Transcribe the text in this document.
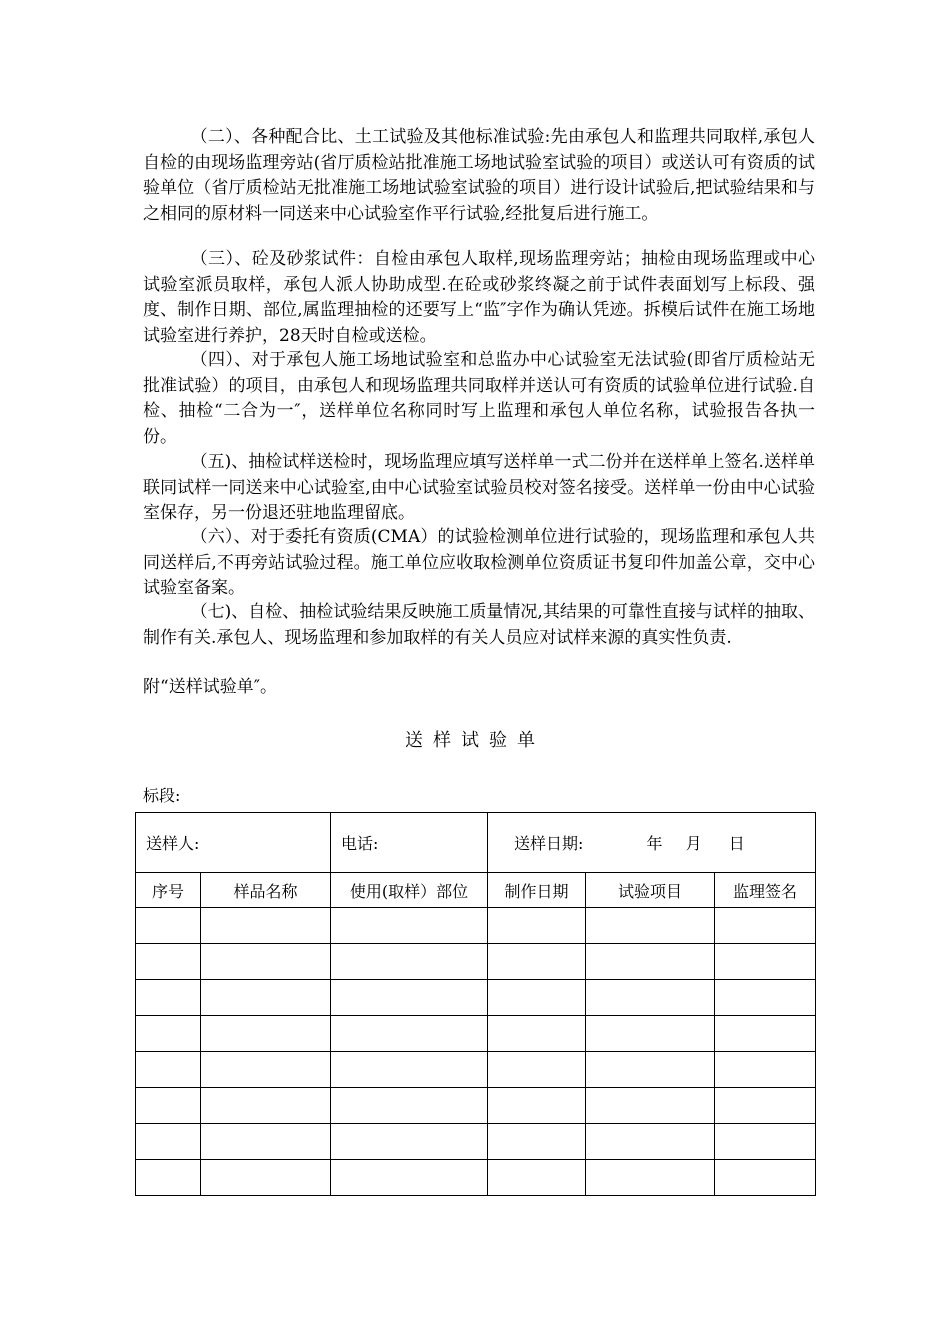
（二）、各种配合比、土工试验及其他标准试验:先由承包人和监理共同取样,承包人自检的由现场监理旁站(省厅质检站批准施工场地试验室试验的项目）或送认可有资质的试验单位（省厅质检站无批准施工场地试验室试验的项目）进行设计试验后,把试验结果和与之相同的原材料一同送来中心试验室作平行试验,经批复后进行施工。

（三）、砼及砂浆试件：自检由承包人取样,现场监理旁站；抽检由现场监理或中心试验室派员取样，承包人派人协助成型.在砼或砂浆终凝之前于试件表面划写上标段、强度、制作日期、部位,属监理抽检的还要写上“监″字作为确认凭迹。拆模后试件在施工场地试验室进行养护，28天时自检或送检。

（四）、对于承包人施工场地试验室和总监办中心试验室无法试验(即省厅质检站无批准试验）的项目，由承包人和现场监理共同取样并送认可有资质的试验单位进行试验.自检、抽检“二合为一″，送样单位名称同时写上监理和承包人单位名称，试验报告各执一份。

（五)、抽检试样送检时，现场监理应填写送样单一式二份并在送样单上签名.送样单联同试样一同送来中心试验室,由中心试验室试验员校对签名接受。送样单一份由中心试验室保存，另一份退还驻地监理留底。

（六）、对于委托有资质(CMA）的试验检测单位进行试验的，现场监理和承包人共同送样后,不再旁站试验过程。施工单位应收取检测单位资质证书复印件加盖公章，交中心试验室备案。

（七)、自检、抽检试验结果反映施工质量情况,其结果的可靠性直接与试样的抽取、制作有关.承包人、现场监理和参加取样的有关人员应对试样来源的真实性负责.

附“送样试验单″。

送样试验单

标段:

送样人:		电话:	送样日期: 年 月 日		
序号	样品名称	使用(取样）部位	制作日期	试验项目	监理签名
